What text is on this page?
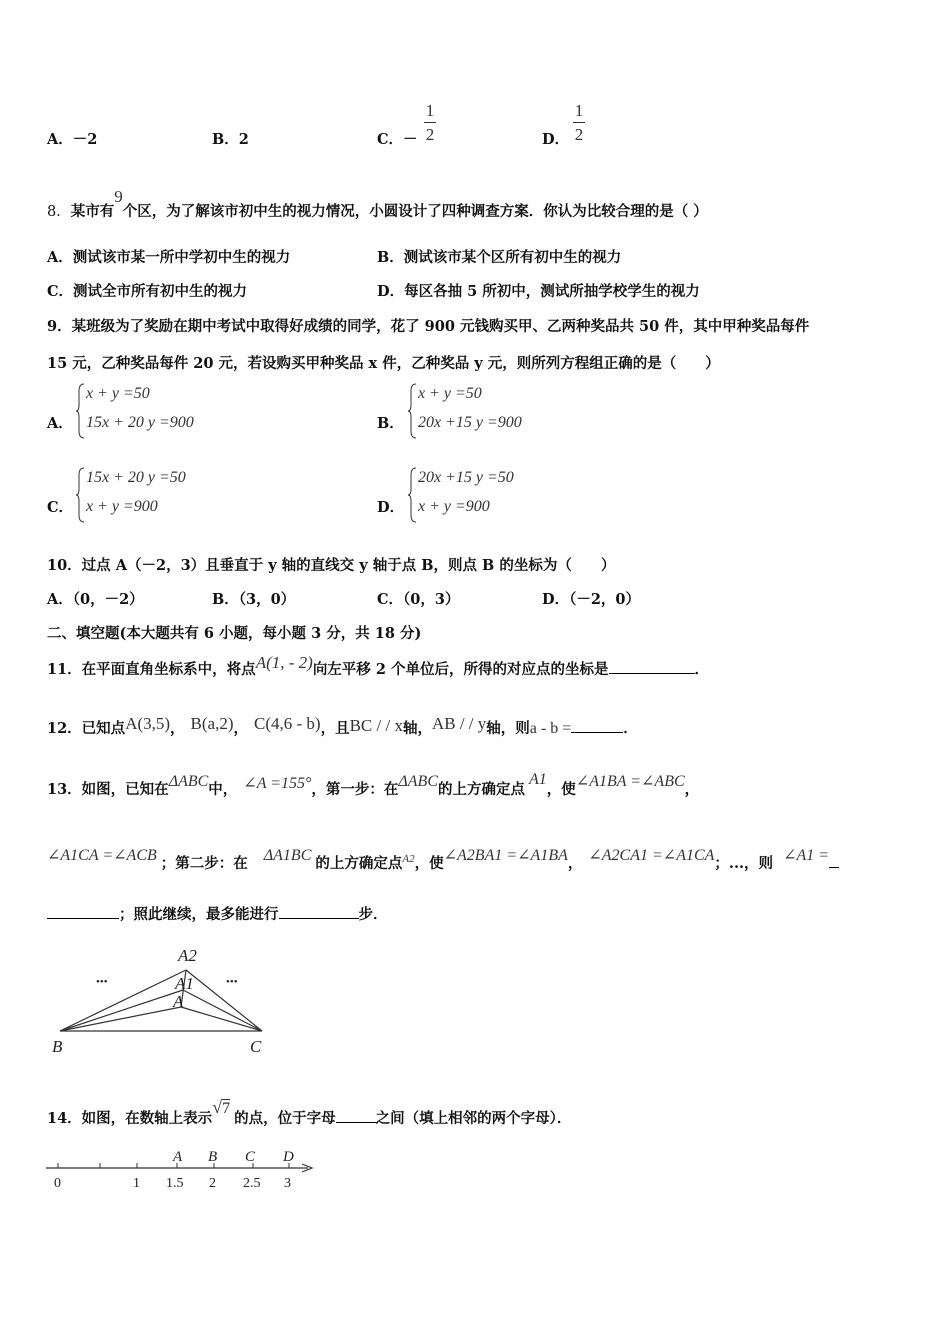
A．－2	B．2	C．－
1
2	D．
1
2
8．某市有9个区，为了解该市初中生的视力情况，小圆设计了四种调查方案．你认为比较合理的是（ ）
A．测试该市某一所中学初中生的视力	B．测试该市某个区所有初中生的视力
C．测试全市所有初中生的视力	D．每区各抽 5 所初中，测试所抽学校学生的视力
9．某班级为了奖励在期中考试中取得好成绩的同学，花了 900 元钱购买甲、乙两种奖品共 50 件，其中甲种奖品每件
15 元，乙种奖品每件 20 元，若设购买甲种奖品 x 件，乙种奖品 y 元，则所列方程组正确的是（　　）
A．
x + y =50
15x + 20 y =900	B．
x + y =50
20x +15 y =900
C．
15x + 20 y =50
x + y =900	D．
20x +15 y =50
x + y =900
10．过点 A（－2，3）且垂直于 y 轴的直线交 y 轴于点 B，则点 B 的坐标为（　　）
A．（0，－2）	B．（3，0）	C．（0，3）	D．（－2，0）
二、填空题(本大题共有 6 小题，每小题 3 分，共 18 分)
11．在平面直角坐标系中，将点A(1, - 2)向左平移 2 个单位后，所得的对应点的坐标是	．
12．已知点A(3,5)， B(a,2)， C(4,6 - b)，且BC / / x轴，AB / / y轴，则a - b =	．
13．如图，已知在ΔABC中， ∠A =155°，第一步：在ΔABC的上方确定点A1，使∠A1BA =∠ABC，
∠A1CA =∠ACB ；第二步：在 ΔA1BC 的上方确定点$^{A2}$，使∠A2BA1 =∠A1BA， ∠A2CA1 =∠A1CA；...，则 ∠A1 =
；照此继续，最多能进行	步．
A2
A1
A
B	C
•••	•••
14．如图，在数轴上表示√7的点，位于字母	之间（填上相邻的两个字母）．
A B C D
0	1 1.5 2 2.5 3
